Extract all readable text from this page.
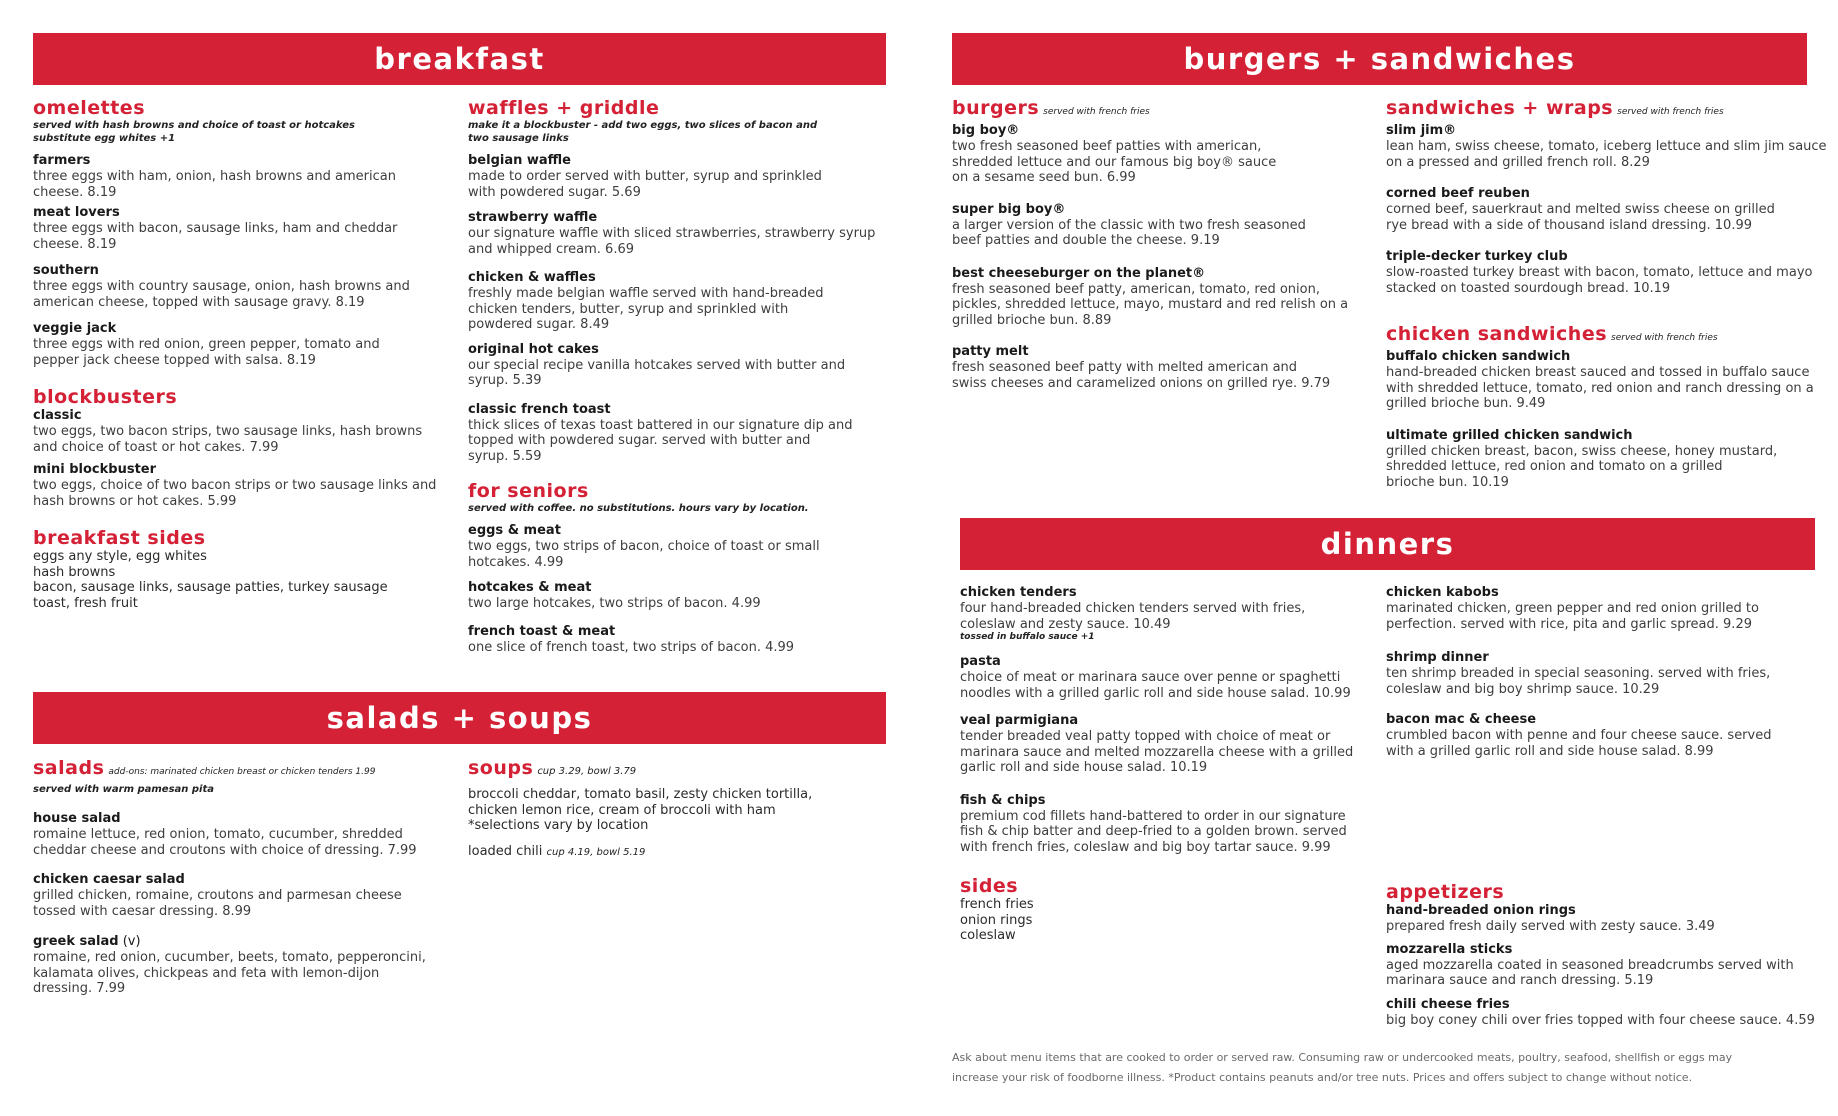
breakfast	burgers + sandwiches
salads + soups
dinners
omelettes
served with hash browns and choice of toast or hotcakes
substitute egg whites +1
farmers
three eggs with ham, onion, hash browns and american
cheese. 8.19
meat lovers
three eggs with bacon, sausage links, ham and cheddar
cheese. 8.19
southern
three eggs with country sausage, onion, hash browns and
american cheese, topped with sausage gravy. 8.19
veggie jack
three eggs with red onion, green pepper, tomato and
pepper jack cheese topped with salsa. 8.19
blockbusters
classic
two eggs, two bacon strips, two sausage links, hash browns
and choice of toast or hot cakes. 7.99
mini blockbuster
two eggs, choice of two bacon strips or two sausage links and
hash browns or hot cakes. 5.99
breakfast sides
eggs any style, egg whites
hash browns
bacon, sausage links, sausage patties, turkey sausage
toast, fresh fruit
waffles + griddle
make it a blockbuster - add two eggs, two slices of bacon and
two sausage links
belgian waffle
made to order served with butter, syrup and sprinkled
with powdered sugar. 5.69
strawberry waffle
our signature waffle with sliced strawberries, strawberry syrup
and whipped cream. 6.69
chicken & waffles
freshly made belgian waffle served with hand-breaded
chicken tenders, butter, syrup and sprinkled with
powdered sugar. 8.49
original hot cakes
our special recipe vanilla hotcakes served with butter and
syrup. 5.39
classic french toast
thick slices of texas toast battered in our signature dip and
topped with powdered sugar. served with butter and
syrup. 5.59
for seniors
served with coffee. no substitutions. hours vary by location.
eggs & meat
two eggs, two strips of bacon, choice of toast or small
hotcakes. 4.99
hotcakes & meat
two large hotcakes, two strips of bacon. 4.99
french toast & meat
one slice of french toast, two strips of bacon. 4.99
salads add-ons: marinated chicken breast or chicken tenders 1.99
served with warm pamesan pita
house salad
romaine lettuce, red onion, tomato, cucumber, shredded
cheddar cheese and croutons with choice of dressing. 7.99
chicken caesar salad
grilled chicken, romaine, croutons and parmesan cheese
tossed with caesar dressing. 8.99
greek salad (v)
romaine, red onion, cucumber, beets, tomato, pepperoncini,
kalamata olives, chickpeas and feta with lemon-dijon
dressing. 7.99
soups cup 3.29, bowl 3.79
broccoli cheddar, tomato basil, zesty chicken tortilla,
chicken lemon rice, cream of broccoli with ham
*selections vary by location
loaded chili cup 4.19, bowl 5.19
burgers served with french fries
big boy®
two fresh seasoned beef patties with american,
shredded lettuce and our famous big boy® sauce
on a sesame seed bun. 6.99
super big boy®
a larger version of the classic with two fresh seasoned
beef patties and double the cheese. 9.19
best cheeseburger on the planet®
fresh seasoned beef patty, american, tomato, red onion,
pickles, shredded lettuce, mayo, mustard and red relish on a
grilled brioche bun. 8.89
patty melt
fresh seasoned beef patty with melted american and
swiss cheeses and caramelized onions on grilled rye. 9.79
sandwiches + wraps served with french fries
slim jim®
lean ham, swiss cheese, tomato, iceberg lettuce and slim jim sauce
on a pressed and grilled french roll. 8.29
corned beef reuben
corned beef, sauerkraut and melted swiss cheese on grilled
rye bread with a side of thousand island dressing. 10.99
triple-decker turkey club
slow-roasted turkey breast with bacon, tomato, lettuce and mayo
stacked on toasted sourdough bread. 10.19
chicken sandwiches served with french fries
buffalo chicken sandwich
hand-breaded chicken breast sauced and tossed in buffalo sauce
with shredded lettuce, tomato, red onion and ranch dressing on a
grilled brioche bun. 9.49
ultimate grilled chicken sandwich
grilled chicken breast, bacon, swiss cheese, honey mustard,
shredded lettuce, red onion and tomato on a grilled
brioche bun. 10.19
chicken tenders
four hand-breaded chicken tenders served with fries,
coleslaw and zesty sauce. 10.49
tossed in buffalo sauce +1
pasta
choice of meat or marinara sauce over penne or spaghetti
noodles with a grilled garlic roll and side house salad. 10.99
veal parmigiana
tender breaded veal patty topped with choice of meat or
marinara sauce and melted mozzarella cheese with a grilled
garlic roll and side house salad. 10.19
fish & chips
premium cod fillets hand-battered to order in our signature
fish & chip batter and deep-fried to a golden brown. served
with french fries, coleslaw and big boy tartar sauce. 9.99
sides
french fries
onion rings
coleslaw
chicken kabobs
marinated chicken, green pepper and red onion grilled to
perfection. served with rice, pita and garlic spread. 9.29
shrimp dinner
ten shrimp breaded in special seasoning. served with fries,
coleslaw and big boy shrimp sauce. 10.29
bacon mac & cheese
crumbled bacon with penne and four cheese sauce. served
with a grilled garlic roll and side house salad. 8.99
appetizers
hand-breaded onion rings
prepared fresh daily served with zesty sauce. 3.49
mozzarella sticks
aged mozzarella coated in seasoned breadcrumbs served with
marinara sauce and ranch dressing. 5.19
chili cheese fries
big boy coney chili over fries topped with four cheese sauce. 4.59
Ask about menu items that are cooked to order or served raw. Consuming raw or undercooked meats, poultry, seafood, shellfish or eggs may
increase your risk of foodborne illness. *Product contains peanuts and/or tree nuts. Prices and offers subject to change without notice.
